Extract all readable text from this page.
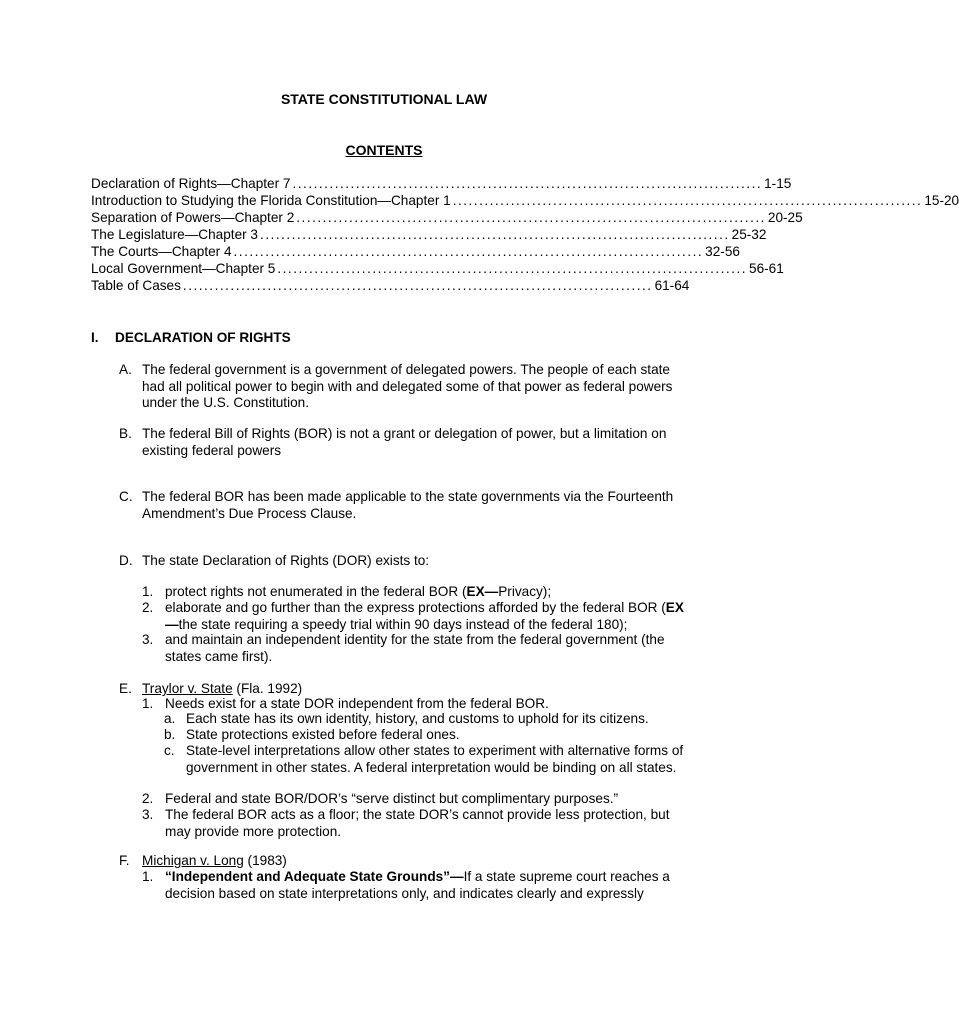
STATE CONSTITUTIONAL LAW
CONTENTS
Declaration of Rights—Chapter 7 ......................................................................................... 1-15
Introduction to Studying the Florida Constitution—Chapter 1 ......................................................................................... 15-20
Separation of Powers—Chapter 2 ......................................................................................... 20-25
The Legislature—Chapter 3 ......................................................................................... 25-32
The Courts—Chapter 4 ......................................................................................... 32-56
Local Government—Chapter 5 ......................................................................................... 56-61
Table of Cases ......................................................................................... 61-64
I. DECLARATION OF RIGHTS
A. The federal government is a government of delegated powers. The people of each state had all political power to begin with and delegated some of that power as federal powers under the U.S. Constitution.
B. The federal Bill of Rights (BOR) is not a grant or delegation of power, but a limitation on existing federal powers
C. The federal BOR has been made applicable to the state governments via the Fourteenth Amendment’s Due Process Clause.
D. The state Declaration of Rights (DOR) exists to:
1. protect rights not enumerated in the federal BOR (EX—Privacy);
2. elaborate and go further than the express protections afforded by the federal BOR (EX—the state requiring a speedy trial within 90 days instead of the federal 180);
3. and maintain an independent identity for the state from the federal government (the states came first).
E. Traylor v. State (Fla. 1992)
1. Needs exist for a state DOR independent from the federal BOR.
a. Each state has its own identity, history, and customs to uphold for its citizens.
b. State protections existed before federal ones.
c. State-level interpretations allow other states to experiment with alternative forms of government in other states. A federal interpretation would be binding on all states.
2. Federal and state BOR/DOR’s “serve distinct but complimentary purposes.”
3. The federal BOR acts as a floor; the state DOR’s cannot provide less protection, but may provide more protection.
F. Michigan v. Long (1983)
1. “Independent and Adequate State Grounds”—If a state supreme court reaches a decision based on state interpretations only, and indicates clearly and expressly
